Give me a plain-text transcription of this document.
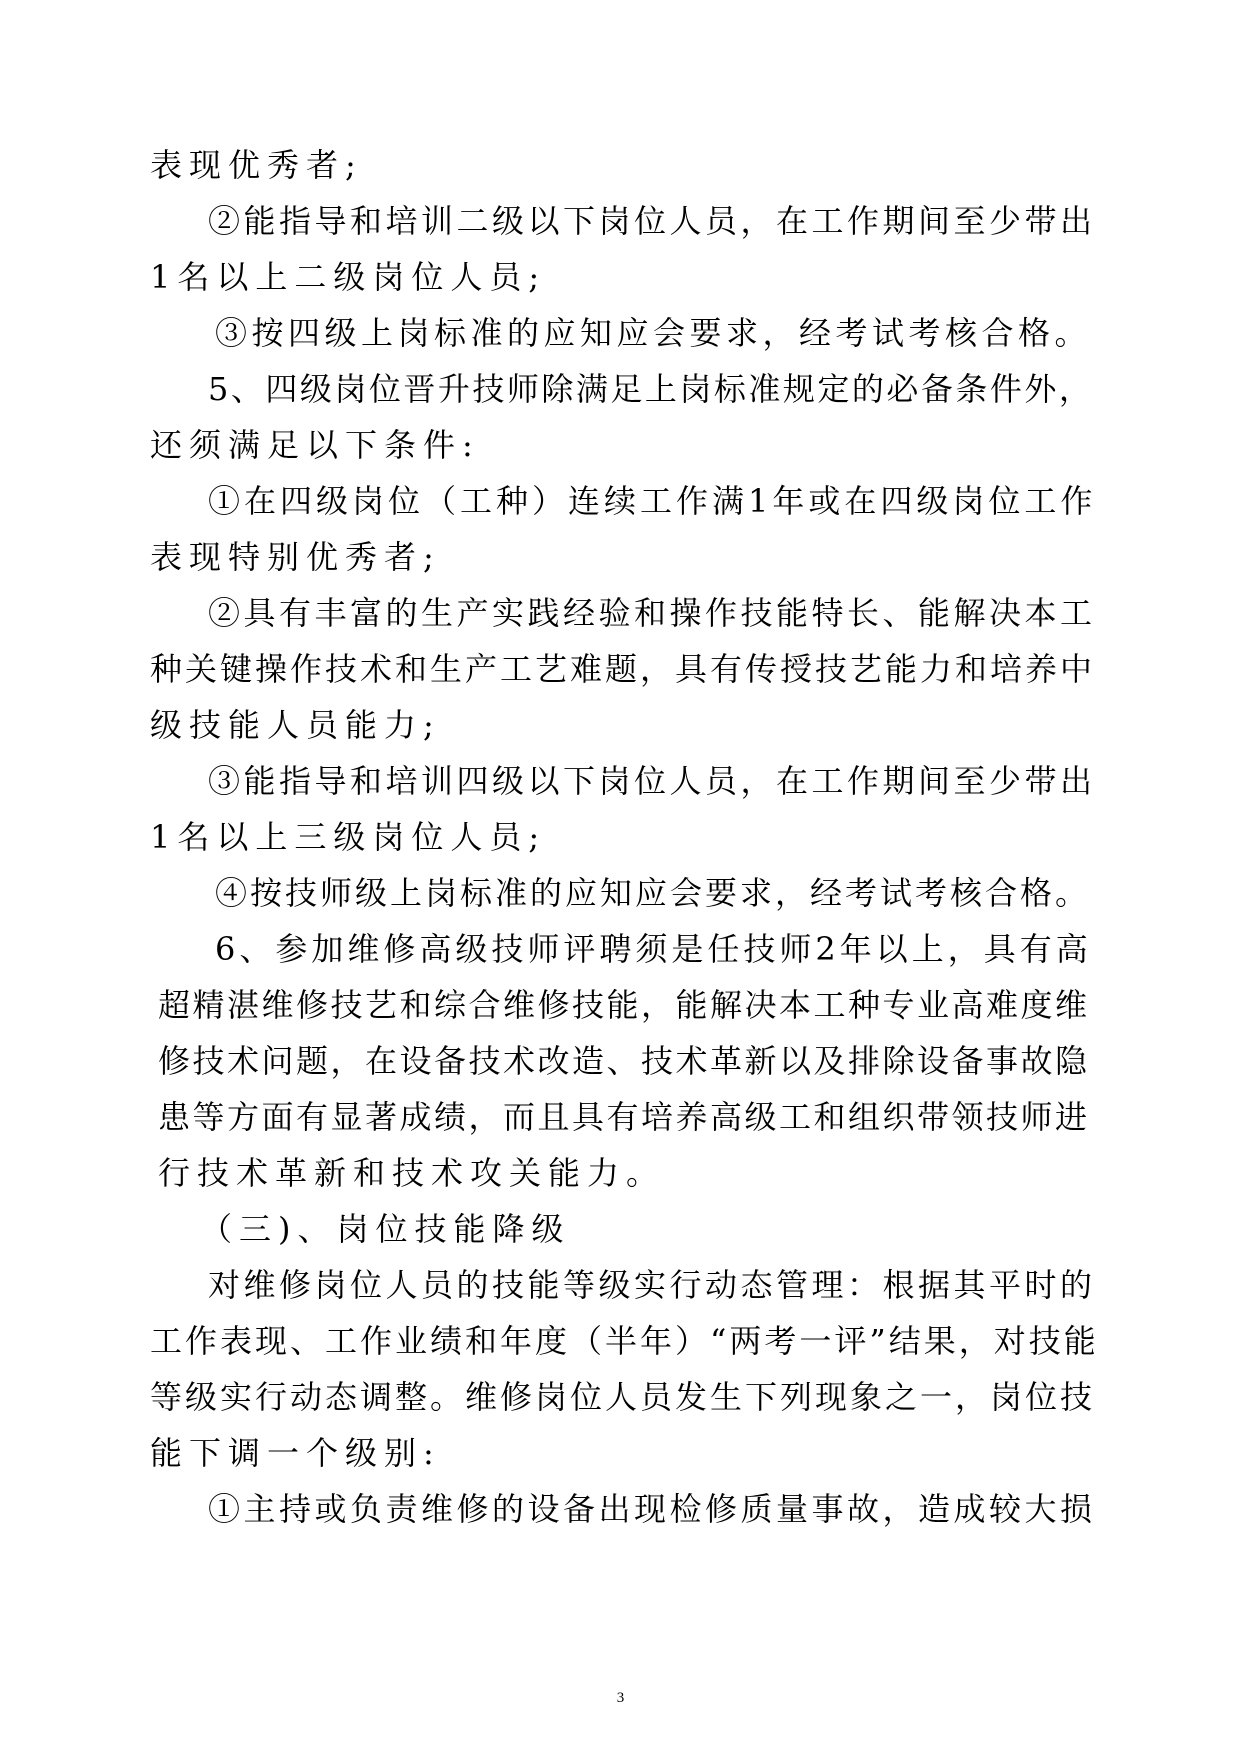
表现优秀者;
②能指导和培训二级以下岗位人员，在工作期间至少带出
1名以上二级岗位人员;
③按四级上岗标准的应知应会要求，经考试考核合格。
5、四级岗位晋升技师除满足上岗标准规定的必备条件外，
还须满足以下条件:
①在四级岗位（工种）连续工作满1年或在四级岗位工作
表现特别优秀者;
②具有丰富的生产实践经验和操作技能特长、能解决本工
种关键操作技术和生产工艺难题，具有传授技艺能力和培养中
级技能人员能力;
③能指导和培训四级以下岗位人员，在工作期间至少带出
1名以上三级岗位人员;
④按技师级上岗标准的应知应会要求，经考试考核合格。
6、参加维修高级技师评聘须是任技师2年以上，具有高
超精湛维修技艺和综合维修技能，能解决本工种专业高难度维
修技术问题，在设备技术改造、技术革新以及排除设备事故隐
患等方面有显著成绩，而且具有培养高级工和组织带领技师进
行技术革新和技术攻关能力。
（三)、岗位技能降级
对维修岗位人员的技能等级实行动态管理：根据其平时的
工作表现、工作业绩和年度（半年）“两考一评”结果，对技能
等级实行动态调整。维修岗位人员发生下列现象之一，岗位技
能下调一个级别:
①主持或负责维修的设备出现检修质量事故，造成较大损
3
